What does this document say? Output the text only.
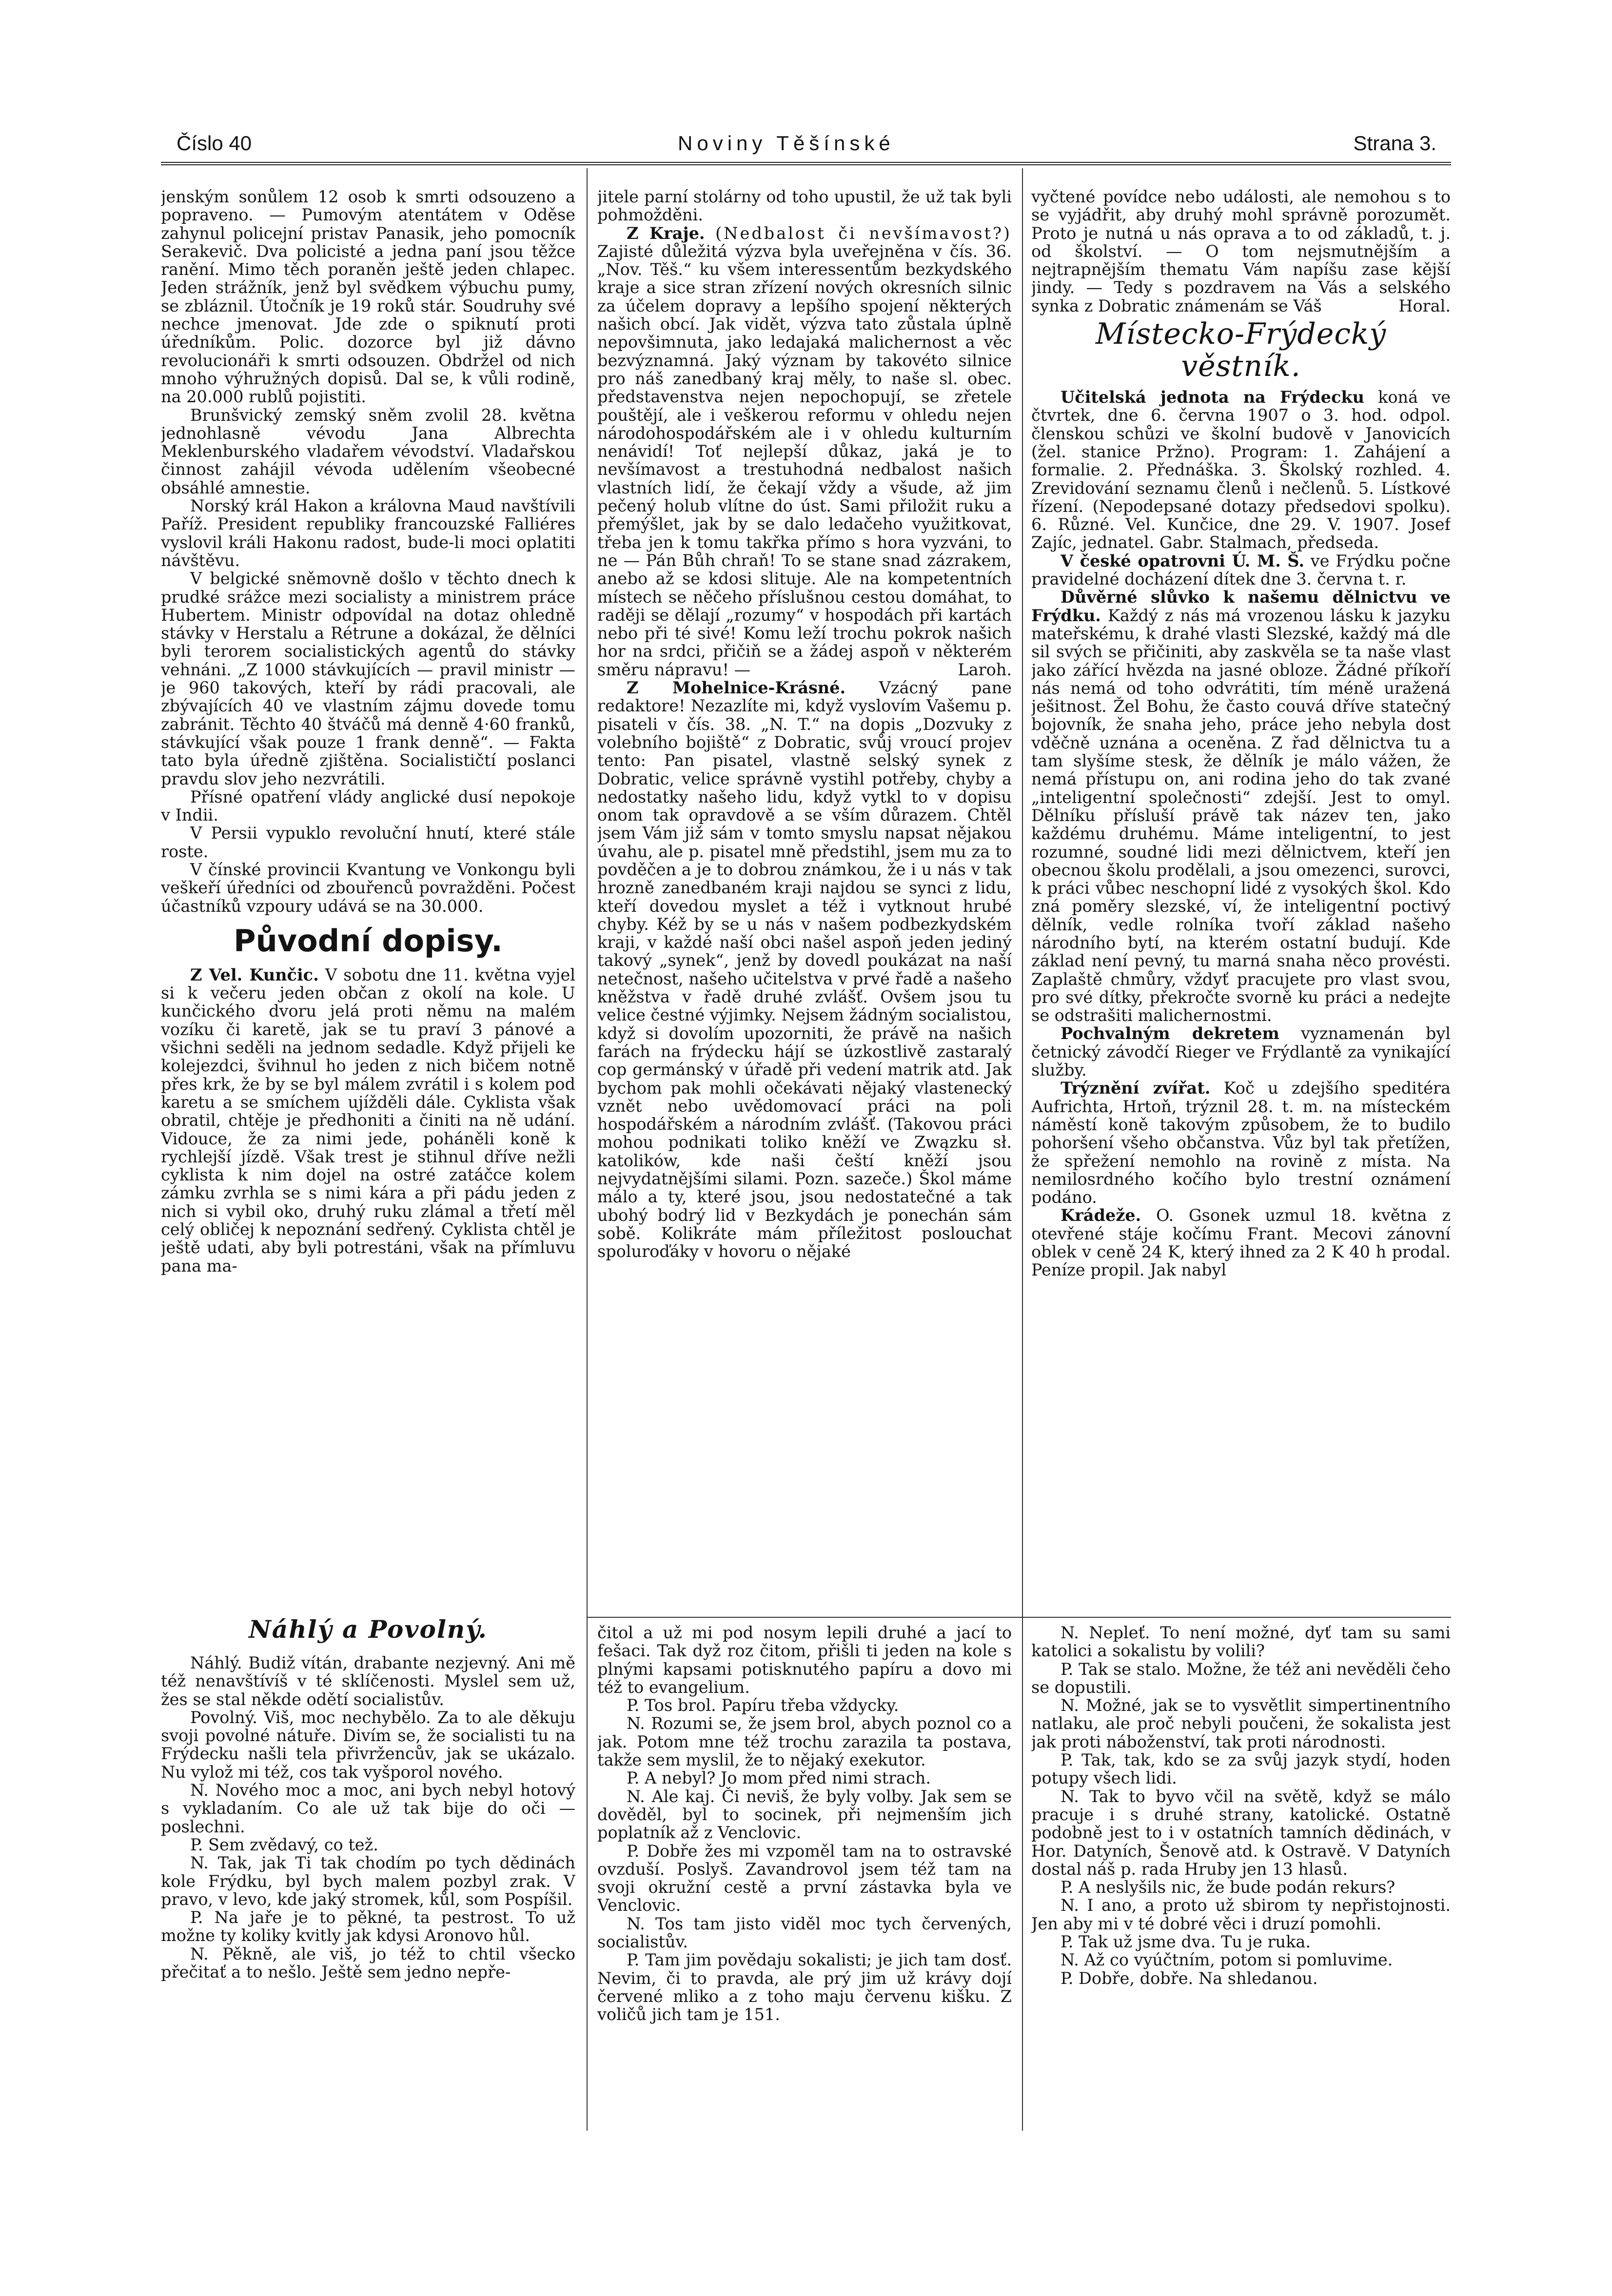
Číslo 40	Noviny Těšínské	Strana 3.

jenským sonůlem 12 osob k smrti odsouzeno a popraveno. — Pumovým atentátem v Oděse zahynul policejní pristav Panasik, jeho pomocník Serakevič. Dva policisté a jedna paní jsou těžce ranění. Mimo těch poraněn ještě jeden chlapec. Jeden strážník, jenž byl svědkem výbuchu pumy, se zbláznil. Útočník je 19 roků stár. Soudruhy své nechce jmenovat. Jde zde o spiknutí proti úředníkům. Polic. dozorce byl již dávno revolucionáři k smrti odsouzen. Obdržel od nich mnoho výhružných dopisů. Dal se, k vůli rodině, na 20.000 rublů pojistiti.

Brunšvický zemský sněm zvolil 28. května jednohlasně vévodu Jana Albrechta Meklenburského vladařem vévodství. Vladařskou činnost zahájil vévoda udělením všeobecné obsáhlé amnestie.

Norský král Hakon a královna Maud navštívili Paříž. President republiky francouzské Falliéres vyslovil králi Hakonu radost, bude-li moci oplatiti návštěvu.

V belgické sněmovně došlo v těchto dnech k prudké srážce mezi socialisty a ministrem práce Hubertem. Ministr odpovídal na dotaz ohledně stávky v Herstalu a Rétrune a dokázal, že dělníci byli terorem socialistických agentů do stávky vehnáni. „Z 1000 stávkujících — pravil ministr — je 960 takových, kteří by rádi pracovali, ale zbývajících 40 ve vlastním zájmu dovede tomu zabránit. Těchto 40 štváčů má denně 4·60 franků, stávkující však pouze 1 frank denně“. — Fakta tato byla úředně zjištěna. Socialističtí poslanci pravdu slov jeho nezvrátili.

Přísné opatření vlády anglické dusí nepokoje v Indii.

V Persii vypuklo revoluční hnutí, které stále roste.

V čínské provincii Kvantung ve Vonkongu byli veškeří úředníci od zbouřenců povražděni. Počest účastníků vzpoury udává se na 30.000.

Původní dopisy.

Z Vel. Kunčic. V sobotu dne 11. května vyjel si k večeru jeden občan z okolí na kole. U kunčického dvoru jelá proti němu na malém vozíku či karetě, jak se tu praví 3 pánové a všichni seděli na jednom sedadle. Když přijeli ke kolejezdci, švihnul ho jeden z nich bičem notně přes krk, že by se byl málem zvrátil i s kolem pod karetu a se smíchem ujížděli dále. Cyklista však obratil, chtěje je předhoniti a činiti na ně udání. Vidouce, že za nimi jede, poháněli koně k rychlejší jízdě. Však trest je stihnul dříve nežli cyklista k nim dojel na ostré zatáčce kolem zámku zvrhla se s nimi kára a při pádu jeden z nich si vybil oko, druhý ruku zlámal a třetí měl celý obličej k nepoznání sedřený. Cyklista chtěl je ještě udati, aby byli potrestáni, však na přímluvu pana ma-

Náhlý a Povolný.

Náhlý. Budiž vítán, drabante nezjevný. Ani mě též nenavštívíš v té sklíčenosti. Myslel sem už, žes se stal někde odětí socialistův.

Povolný. Viš, moc nechybělo. Za to ale děkuju svoji povolné nátuře. Divím se, že socialisti tu na Frýdecku našli tela přivržencův, jak se ukázalo. Nu vylož mi též, cos tak vyšporol nového.

N. Nového moc a moc, ani bych nebyl hotový s vykladaním. Co ale už tak bije do oči — poslechni.

P. Sem zvědavý, co tež.

N. Tak, jak Ti tak chodím po tych dědinách kole Frýdku, byl bych malem pozbyl zrak. V pravo, v levo, kde jaký stromek, kůl, som Pospíšil.

P. Na jaře je to pěkné, ta pestrost. To už možne ty koliky kvitly jak kdysi Aronovo hůl.

N. Pěkně, ale viš, jo též to chtil všecko přečitať a to nešlo. Ještě sem jedno nepře-

jitele parní stolárny od toho upustil, že už tak byli pohmožděni.

Z Kraje. (Nedbalost či nevšímavost?) Zajisté důležitá výzva byla uveřejněna v čís. 36. „Nov. Těš.“ ku všem interessentům bezkydského kraje a sice stran zřízení nových okresních silnic za účelem dopravy a lepšího spojení některých našich obcí. Jak vidět, výzva tato zůstala úplně nepovšimnuta, jako ledajaká malichernost a věc bezvýznamná. Jaký význam by takovéto silnice pro náš zanedbaný kraj měly, to naše sl. obec. představenstva nejen nepochopují, se zřetele pouštějí, ale i veškerou reformu v ohledu nejen národohospodářském ale i v ohledu kulturním nenávidí! Toť nejlepší důkaz, jaká je to nevšímavost a trestuhodná nedbalost našich vlastních lidí, že čekají vždy a všude, až jim pečený holub vlítne do úst. Sami přiložit ruku a přemýšlet, jak by se dalo ledačeho využitkovat, třeba jen k tomu takřka přímo s hora vyzváni, to ne — Pán Bůh chraň! To se stane snad zázrakem, anebo až se kdosi slituje. Ale na kompetentních místech se něčeho příslušnou cestou domáhat, to raději se dělají „rozumy“ v hospodách při kartách nebo při té sivé! Komu leží trochu pokrok našich hor na srdci, přičiň se a žádej aspoň v některém směru nápravu! —	Laroh.

Z Mohelnice-Krásné. Vzácný pane redaktore! Nezazlíte mi, když vyslovím Vašemu p. pisateli v čís. 38. „N. T.“ na dopis „Dozvuky z volebního bojiště“ z Dobratic, svůj vroucí projev tento: Pan pisatel, vlastně selský synek z Dobratic, velice správně vystihl potřeby, chyby a nedostatky našeho lidu, když vytkl to v dopisu onom tak opravdově a se vším důrazem. Chtěl jsem Vám již sám v tomto smyslu napsat nějakou úvahu, ale p. pisatel mně předstihl, jsem mu za to povděčen a je to dobrou známkou, že i u nás v tak hrozně zanedbaném kraji najdou se synci z lidu, kteří dovedou myslet a též i vytknout hrubé chyby. Kéž by se u nás v našem podbezkydském kraji, v každé naší obci našel aspoň jeden jediný takový „synek“, jenž by dovedl poukázat na naší netečnost, našeho učitelstva v prvé řadě a našeho kněžstva v řadě druhé zvlášť. Ovšem jsou tu velice čestné výjimky. Nejsem žádným socialistou, když si dovolím upozorniti, že právě na našich farách na frýdecku hájí se úzkostlivě zastaralý cop germánský v úřadě při vedení matrik atd. Jak bychom pak mohli očekávati nějaký vlastenecký vznět nebo uvědomovací práci na poli hospodářském a národním zvlášť. (Takovou práci mohou podnikati toliko kněží ve Zwązku sł. katolików, kde naši čeští kněží jsou nejvydatnějšími silami. Pozn. sazeče.) Škol máme málo a ty, které jsou, jsou nedostatečné a tak ubohý bodrý lid v Bezkydách je ponechán sám sobě. Kolikráte mám příležitost poslouchat spoluroďáky v hovoru o nějaké

čitol a už mi pod nosym lepili druhé a jací to fešaci. Tak dyž roz čitom, přišli ti jeden na kole s plnými kapsami potisknutého papíru a dovo mi též to evangelium.

P. Tos brol. Papíru třeba vždycky.

N. Rozumi se, že jsem brol, abych poznol co a jak. Potom mne též trochu zarazila ta postava, takže sem myslil, že to nějaký exekutor.

P. A nebyl? Jo mom před nimi strach.

N. Ale kaj. Či neviš, že byly volby. Jak sem se dověděl, byl to socinek, při nejmenším jich poplatník až z Venclovic.

P. Dobře žes mi vzpoměl tam na to ostravské ovzduší. Poslyš. Zavandrovol jsem též tam na svoji okružní cestě a první zástavka byla ve Venclovic.

N. Tos tam jisto viděl moc tych červených, socialistův.

P. Tam jim povědaju sokalisti; je jich tam dosť. Nevim, či to pravda, ale prý jim už krávy dojí červené mliko a z toho maju červenu kišku. Z voličů jich tam je 151.

vyčtené povídce nebo události, ale nemohou s to se vyjádřit, aby druhý mohl správně porozumět. Proto je nutná u nás oprava a to od základů, t. j. od školství. — O tom nejsmutnějším a nejtrapnějším thematu Vám napíšu zase kější jindy. — Tedy s pozdravem na Vás a selského synka z Dobratic známenám se Váš	Horal.

Místecko-Frýdecký věstník.

Učitelská jednota na Frýdecku koná ve čtvrtek, dne 6. června 1907 o 3. hod. odpol. členskou schůzi ve školní budově v Janovicích (žel. stanice Pržno). Program: 1. Zahájení a formalie. 2. Přednáška. 3. Školský rozhled. 4. Zrevidování seznamu členů i nečlenů. 5. Lístkové řízení. (Nepodepsané dotazy předsedovi spolku). 6. Různé. Vel. Kunčice, dne 29. V. 1907. Josef Zajíc, jednatel. Gabr. Stalmach, předseda.

V české opatrovni Ú. M. Š. ve Frýdku počne pravidelné docházení dítek dne 3. června t. r.

Důvěrné slůvko k našemu dělnictvu ve Frýdku. Každý z nás má vrozenou lásku k jazyku mateřskému, k drahé vlasti Slezské, každý má dle sil svých se přičiniti, aby zaskvěla se ta naše vlast jako zářící hvězda na jasné obloze. Žádné příkoří nás nemá od toho odvrátiti, tím méně uražená ješitnost. Žel Bohu, že často couvá dříve statečný bojovník, že snaha jeho, práce jeho nebyla dost vděčně uznána a oceněna. Z řad dělnictva tu a tam slyšíme stesk, že dělník je málo vážen, že nemá přístupu on, ani rodina jeho do tak zvané „inteligentní společnosti“ zdejší. Jest to omyl. Dělníku přísluší právě tak název ten, jako každému druhému. Máme inteligentní, to jest rozumné, soudné lidi mezi dělnictvem, kteří jen obecnou školu prodělali, a jsou omezenci, surovci, k práci vůbec neschopní lidé z vysokých škol. Kdo zná poměry slezské, ví, že inteligentní poctivý dělník, vedle rolníka tvoří základ našeho národního bytí, na kterém ostatní budují. Kde základ není pevný, tu marná snaha něco provésti. Zaplaště chmůry, vždyť pracujete pro vlast svou, pro své dítky, překročte svorně ku práci a nedejte se odstrašiti malichernostmi.

Pochvalným dekretem vyznamenán byl četnický závodčí Rieger ve Frýdlantě za vynikající služby.

Trýznění zvířat. Koč u zdejšího speditéra Aufrichta, Hrtoň, trýznil 28. t. m. na místeckém náměstí koně takovým způsobem, že to budilo pohoršení všeho občanstva. Vůz byl tak přetížen, že spřežení nemohlo na rovině z místa. Na nemilosrdného kočího bylo trestní oznámení podáno.

Krádeže. O. Gsonek uzmul 18. května z otevřené stáje kočímu Frant. Mecovi zánovní oblek v ceně 24 K, který ihned za 2 K 40 h prodal. Peníze propil. Jak nabyl

N. Nepleť. To není možné, dyť tam su sami katolici a sokalistu by volili?

P. Tak se stalo. Možne, že též ani nevěděli čeho se dopustili.

N. Možné, jak se to vysvětlit simpertinentního natlaku, ale proč nebyli poučeni, že sokalista jest jak proti náboženství, tak proti národnosti.

P. Tak, tak, kdo se za svůj jazyk stydí, hoden potupy všech lidi.

N. Tak to byvo včil na světě, když se málo pracuje i s druhé strany, katolické. Ostatně podobně jest to i v ostatních tamních dědinách, v Hor. Datyních, Šenově atd. k Ostravě. V Datyních dostal náš p. rada Hruby jen 13 hlasů.

P. A neslyšils nic, že bude podán rekurs?

N. I ano, a proto už sbirom ty nepřistojnosti. Jen aby mi v té dobré věci i druzí pomohli.

P. Tak už jsme dva. Tu je ruka.

N. Až co vyúčtním, potom si pomluvime.

P. Dobře, dobře. Na shledanou.
